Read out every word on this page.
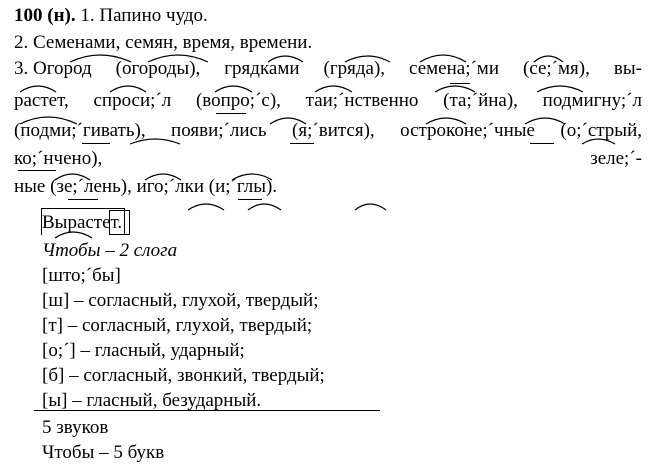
100 (н). 1. Папино чудо.
2. Семенами, семян, время, времени.
3. Огород (огороды), грядками (гряда), семена;´ми (се;´мя), вы-
растет, спроси;´л (вопро;´с), таи;´нственно (та;´йна), подмигну;´л
(подми;´гивать), появи;´лись (я;´вится), остроконе;´чные (о;´стрый,
ко;´нчено),	зеле;´-
ные (зе;´лень), иго;´лки (и;´глы).
Вырастет.
Чтобы – 2 слога
[што;´бы]
[ш] – согласный, глухой, твердый;
[т] – согласный, глухой, твердый;
[о;´] – гласный, ударный;
[б] – согласный, звонкий, твердый;
[ы] – гласный, безударный.
5 звуков
Чтобы – 5 букв
